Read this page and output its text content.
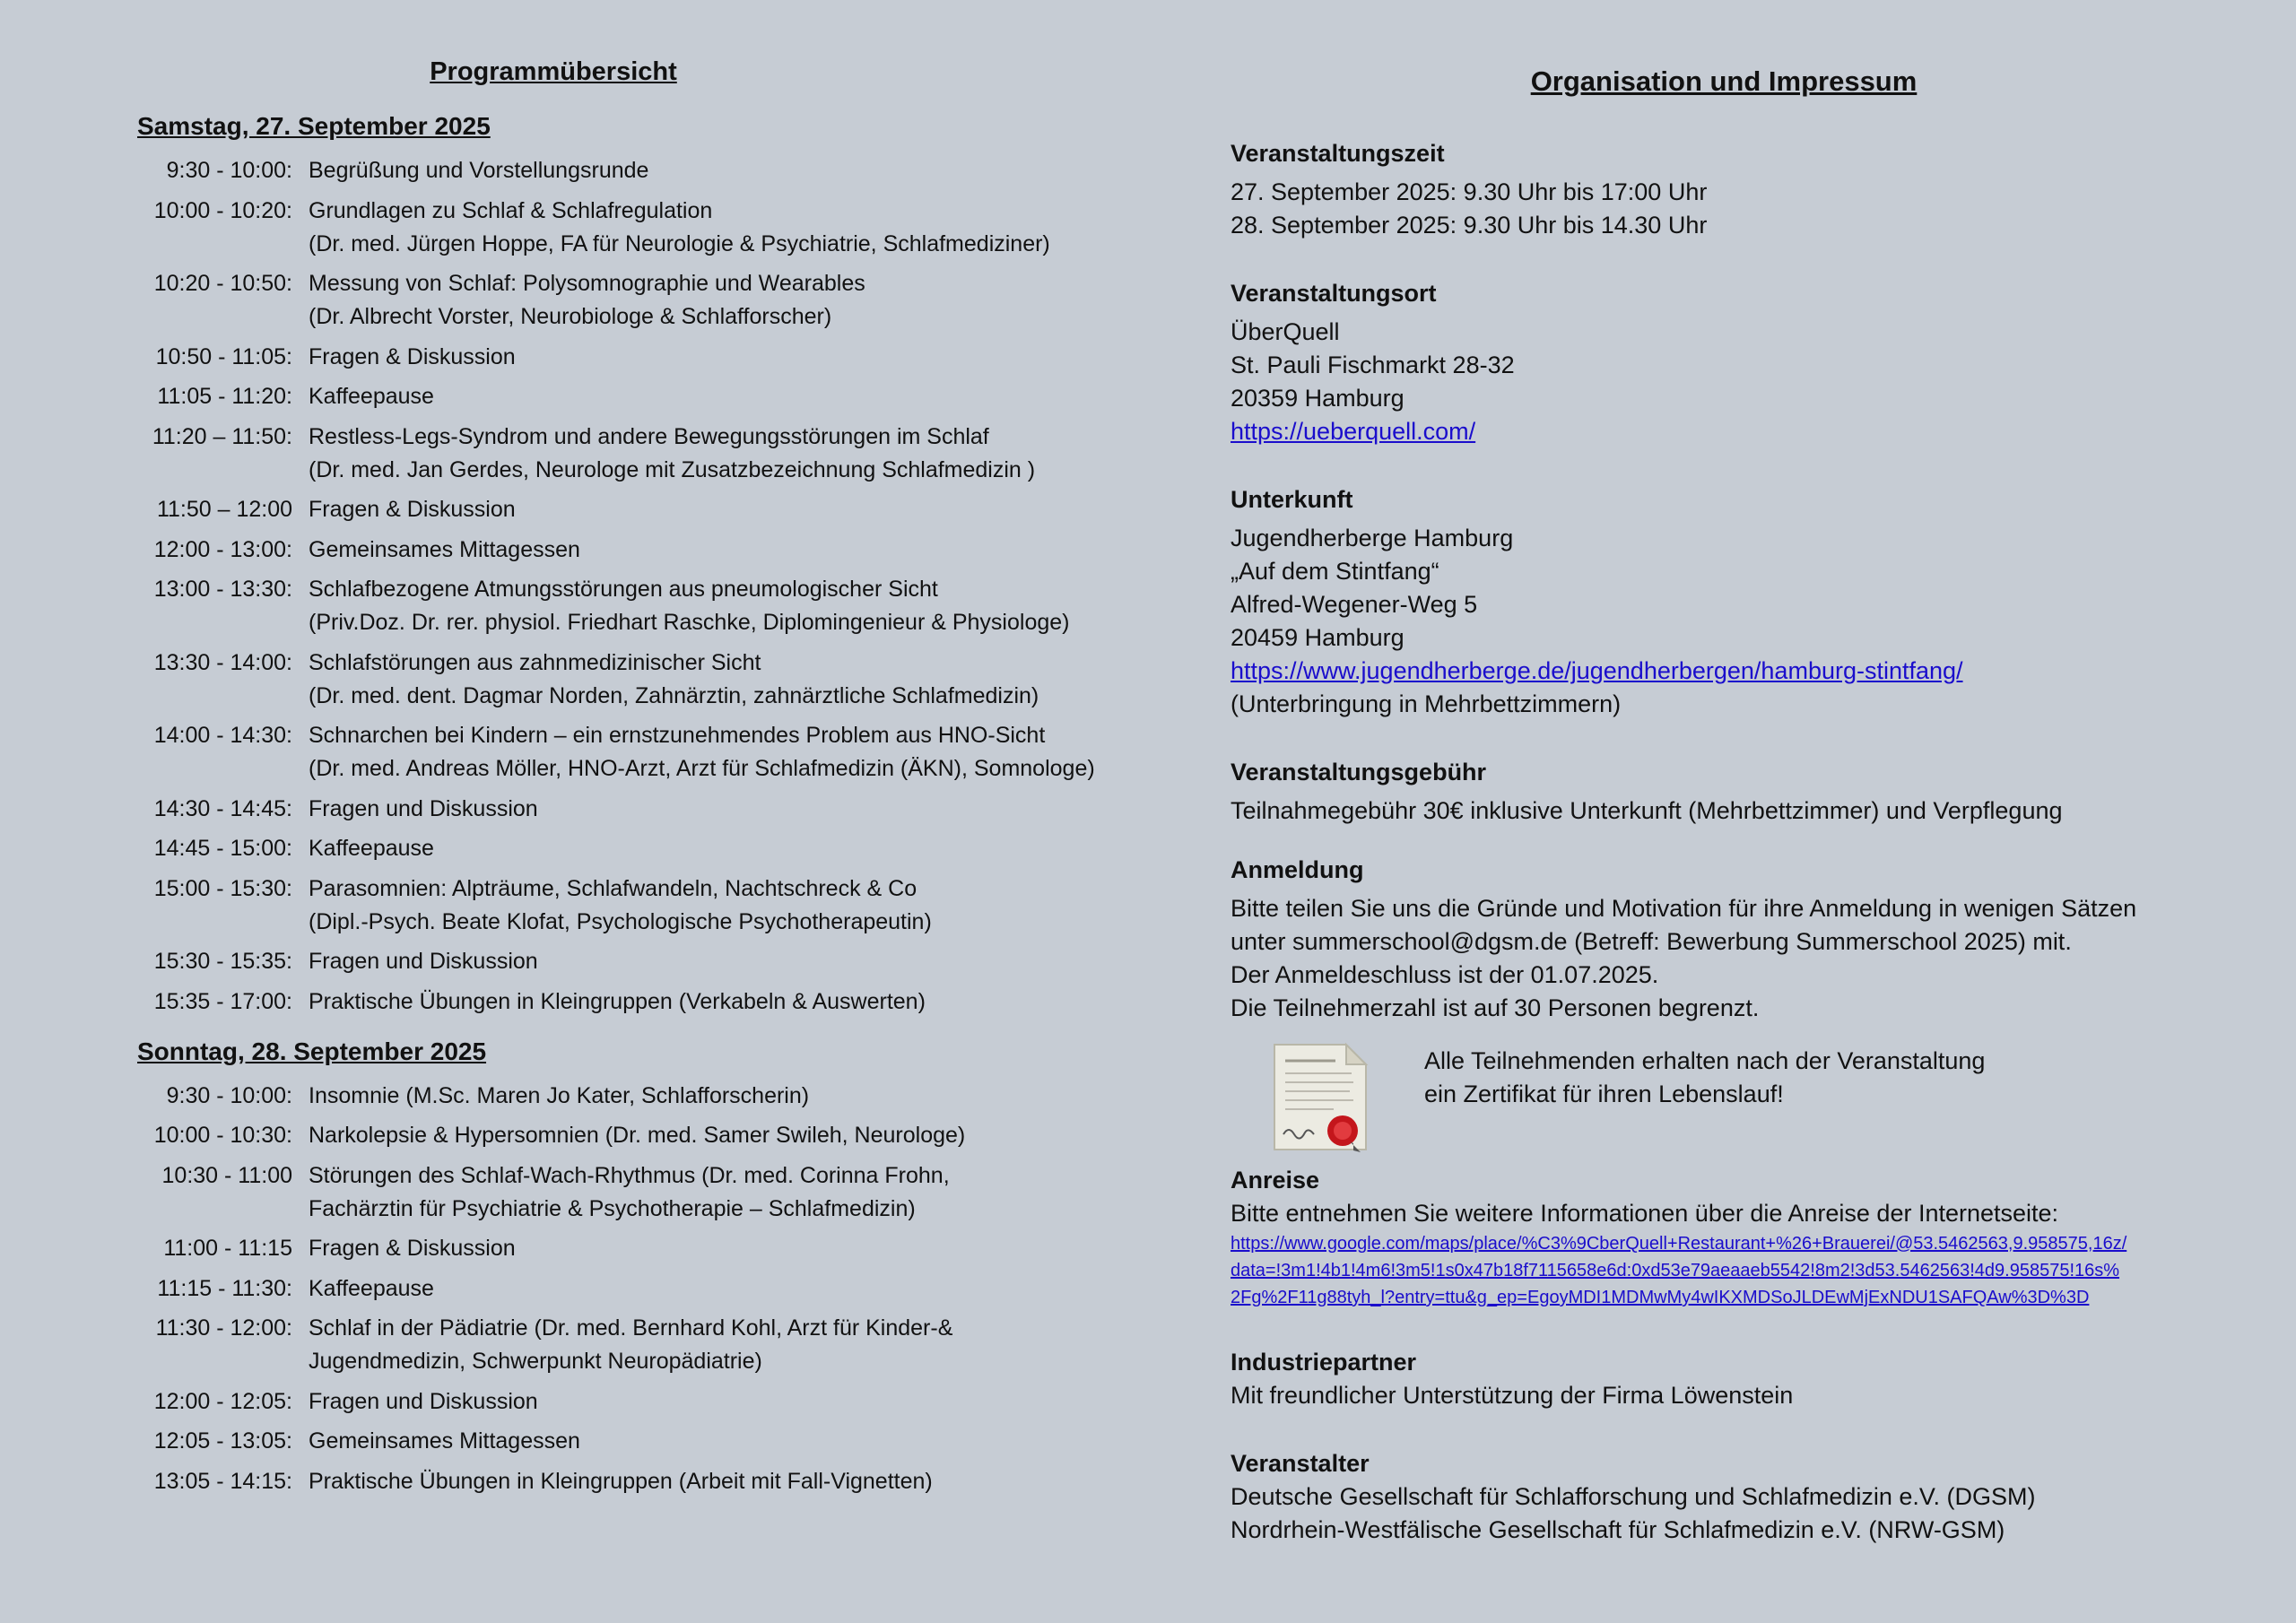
Programmübersicht
Samstag, 27. September 2025
9:30 - 10:00: Begrüßung und Vorstellungsrunde
10:00 - 10:20: Grundlagen zu Schlaf & Schlafregulation
(Dr. med. Jürgen Hoppe, FA für Neurologie & Psychiatrie, Schlafmediziner)
10:20 - 10:50: Messung von Schlaf: Polysomnographie und Wearables
(Dr. Albrecht Vorster, Neurobiologe & Schlafforscher)
10:50 - 11:05: Fragen & Diskussion
11:05 - 11:20: Kaffeepause
11:20 – 11:50: Restless-Legs-Syndrom und andere Bewegungsstörungen im Schlaf
(Dr. med. Jan Gerdes, Neurologe mit Zusatzbezeichnung Schlafmedizin )
11:50 – 12:00 Fragen & Diskussion
12:00 - 13:00: Gemeinsames Mittagessen
13:00 - 13:30: Schlafbezogene Atmungsstörungen aus pneumologischer Sicht
(Priv.Doz. Dr. rer. physiol. Friedhart Raschke, Diplomingenieur & Physiologe)
13:30 - 14:00: Schlafstörungen aus zahnmedizinischer Sicht
(Dr. med. dent. Dagmar Norden, Zahnärztin, zahnärztliche Schlafmedizin)
14:00 - 14:30: Schnarchen bei Kindern – ein ernstzunehmendes Problem aus HNO-Sicht
(Dr. med. Andreas Möller, HNO-Arzt, Arzt für Schlafmedizin (ÄKN), Somnologe)
14:30 - 14:45: Fragen und Diskussion
14:45 - 15:00: Kaffeepause
15:00 - 15:30: Parasomnien: Alpträume, Schlafwandeln, Nachtschreck & Co
(Dipl.-Psych. Beate Klofat, Psychologische Psychotherapeutin)
15:30 - 15:35: Fragen und Diskussion
15:35 - 17:00: Praktische Übungen in Kleingruppen (Verkabeln & Auswerten)
Sonntag, 28. September 2025
9:30 - 10:00: Insomnie (M.Sc. Maren Jo Kater, Schlafforscherin)
10:00 - 10:30: Narkolepsie & Hypersomnien (Dr. med. Samer Swileh, Neurologe)
10:30 - 11:00 Störungen des Schlaf-Wach-Rhythmus (Dr. med. Corinna Frohn,
Fachärztin für Psychiatrie & Psychotherapie – Schlafmedizin)
11:00 - 11:15 Fragen & Diskussion
11:15 - 11:30: Kaffeepause
11:30 - 12:00: Schlaf in der Pädiatrie (Dr. med. Bernhard Kohl, Arzt für Kinder-&
Jugendmedizin, Schwerpunkt Neuropädiatrie)
12:00 - 12:05: Fragen und Diskussion
12:05 - 13:05: Gemeinsames Mittagessen
13:05 - 14:15: Praktische Übungen in Kleingruppen (Arbeit mit Fall-Vignetten)
Organisation und Impressum
Veranstaltungszeit
27. September 2025: 9.30 Uhr bis 17:00 Uhr
28. September 2025: 9.30 Uhr bis 14.30 Uhr
Veranstaltungsort
ÜberQuell
St. Pauli Fischmarkt 28-32
20359 Hamburg
https://ueberquell.com/
Unterkunft
Jugendherberge Hamburg
„Auf dem Stintfang“
Alfred-Wegener-Weg 5
20459 Hamburg
https://www.jugendherberge.de/jugendherbergen/hamburg-stintfang/
(Unterbringung in Mehrbettzimmern)
Veranstaltungsgebühr
Teilnahmegebühr 30€ inklusive Unterkunft (Mehrbettzimmer) und Verpflegung
Anmeldung
Bitte teilen Sie uns die Gründe und Motivation für ihre Anmeldung in wenigen Sätzen
unter summerschool@dgsm.de (Betreff: Bewerbung Summerschool 2025) mit.
Der Anmeldeschluss ist der 01.07.2025.
Die Teilnehmerzahl ist auf 30 Personen begrenzt.
Alle Teilnehmenden erhalten nach der Veranstaltung
ein Zertifikat für ihren Lebenslauf!
Anreise
Bitte entnehmen Sie weitere Informationen über die Anreise der Internetseite:
https://www.google.com/maps/place/%C3%9CberQuell+Restaurant+%26+Brauerei/@53.5462563,9.958575,16z/
data=!3m1!4b1!4m6!3m5!1s0x47b18f7115658e6d:0xd53e79aeaaeb5542!8m2!3d53.5462563!4d9.958575!16s%
2Fg%2F11g88tyh_l?entry=ttu&g_ep=EgoyMDI1MDMwMy4wIKXMDSoJLDEwMjExNDU1SAFQAw%3D%3D
Industriepartner
Mit freundlicher Unterstützung der Firma Löwenstein
Veranstalter
Deutsche Gesellschaft für Schlafforschung und Schlafmedizin e.V. (DGSM)
Nordrhein-Westfälische Gesellschaft für Schlafmedizin e.V. (NRW-GSM)
